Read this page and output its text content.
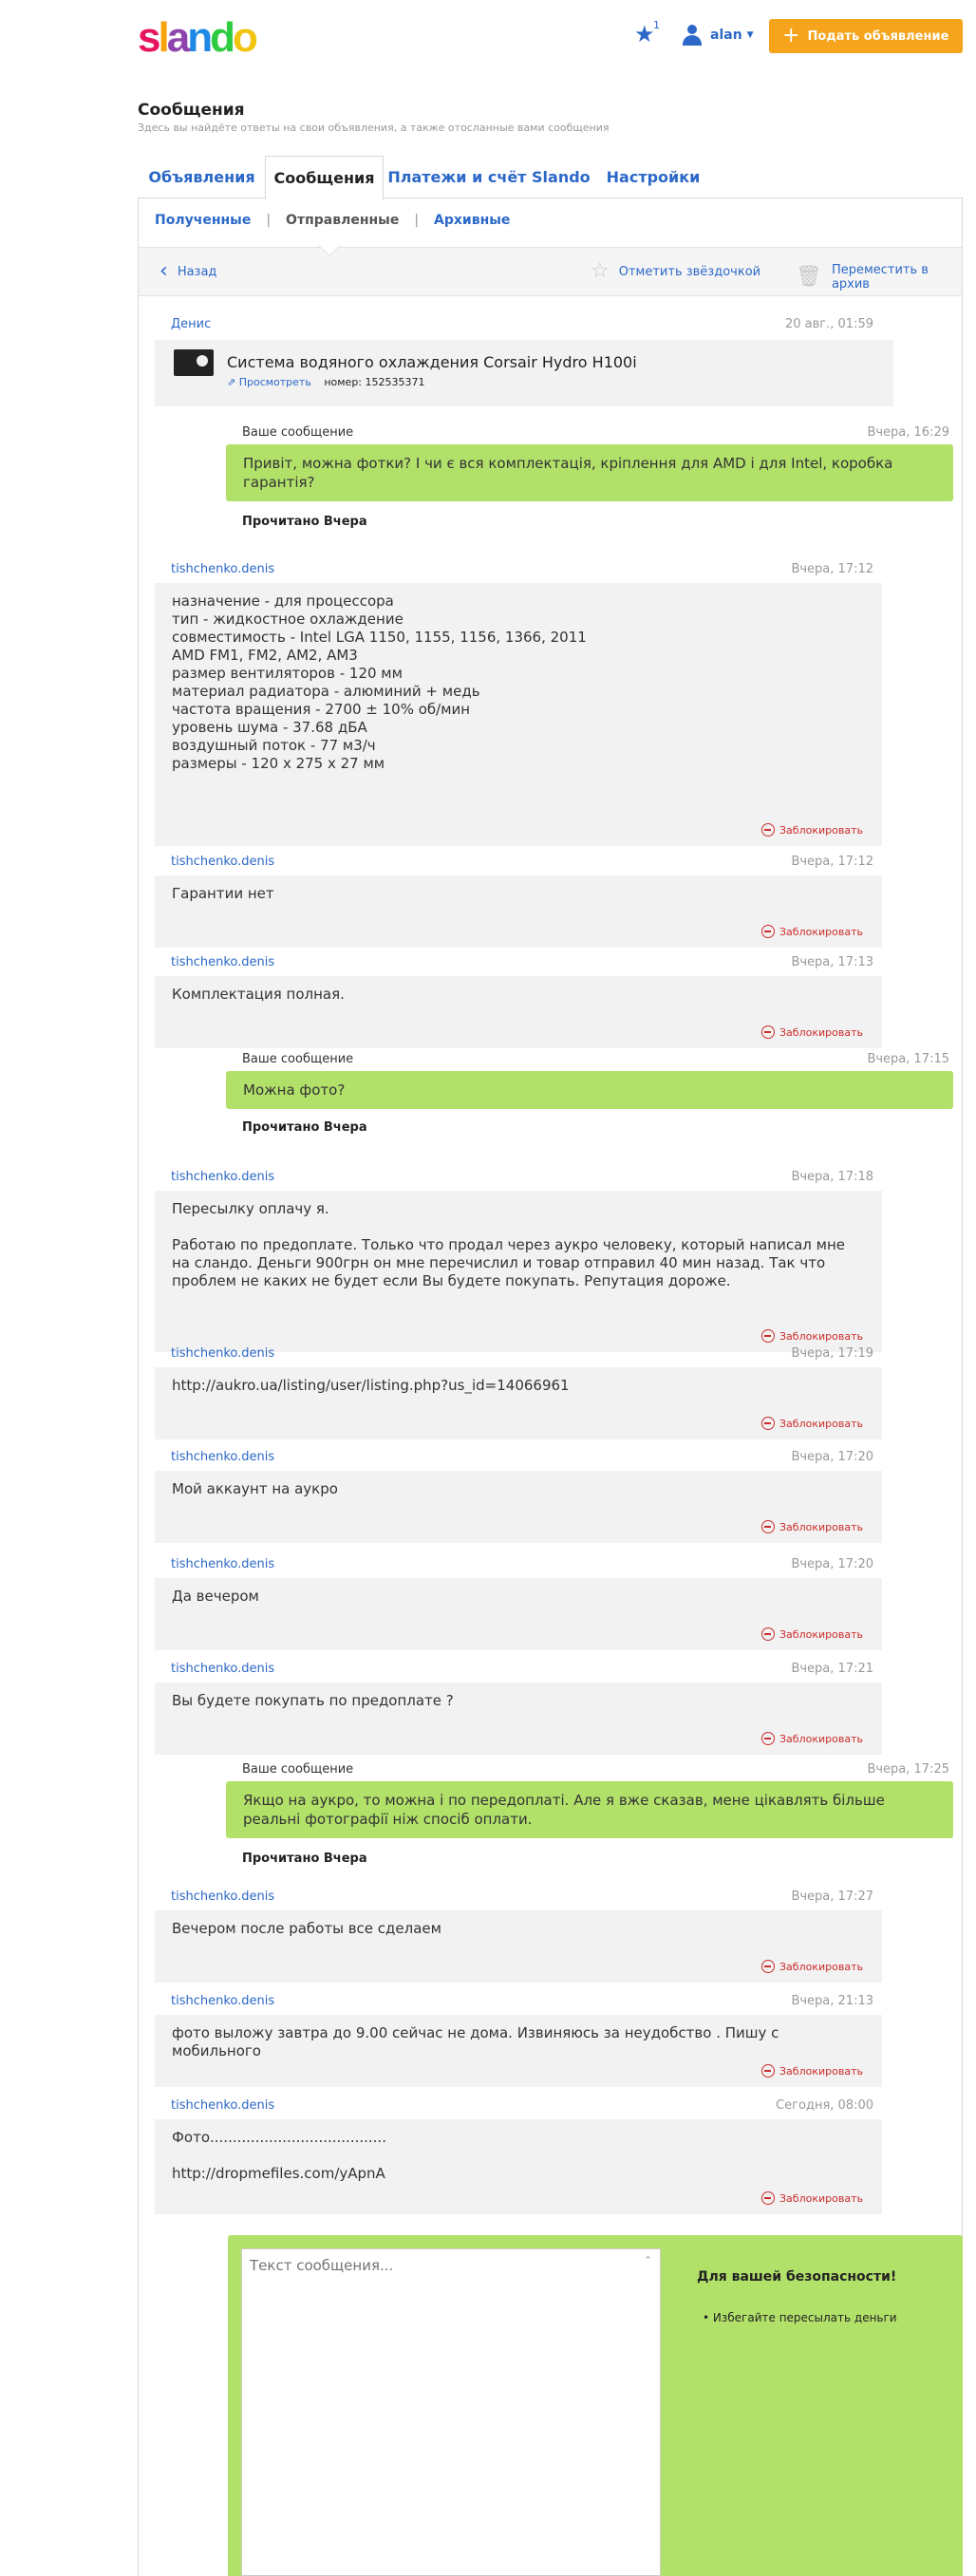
slando	★
1
alan ▼ + Подать объявление
Сообщения
Здесь вы найдёте ответы на свои объявления, а также отосланные вами сообщения
Объявления	Сообщения Платежи и счёт Slando	Настройки
Полученные | Отправленные | Архивные
‹ Назад	☆ Отметить звёздочкой 🗑 Переместить в архив
Денис	20 авг., 01:59
Система водяного охлаждения Corsair Hydro H100i
⇗ Просмотреть номер: 152535371
Ваше сообщение	Вчера, 16:29
Привіт, можна фотки? І чи є вся комплектація, кріплення для AMD і для Intel, коробка гарантія?
Прочитано Вчера
tishchenko.denis	Вчера, 17:12
назначение - для процессора
тип - жидкостное охлаждение
совместимость - Intel LGA 1150, 1155, 1156, 1366, 2011
AMD FM1, FM2, AM2, AM3
размер вентиляторов - 120 мм
материал радиатора - алюминий + медь
частота вращения - 2700 ± 10% об/мин
уровень шума - 37.68 дБА
воздушный поток - 77 м3/ч
размеры - 120 x 275 x 27 мм
Заблокировать
tishchenko.denis	Вчера, 17:12
Гарантии нет
Заблокировать
tishchenko.denis	Вчера, 17:13
Комплектация полная.
Заблокировать
Ваше сообщение	Вчера, 17:15
Можна фото?
Прочитано Вчера
tishchenko.denis	Вчера, 17:18
Пересылку оплачу я.

Работаю по предоплате. Только что продал через аукро человеку, который написал мне на сландо. Деньги 900грн он мне перечислил и товар отправил 40 мин назад. Так что проблем не каких не будет если Вы будете покупать. Репутация дороже.
Заблокировать
tishchenko.denis	Вчера, 17:19
http://aukro.ua/listing/user/listing.php?us_id=14066961
Заблокировать
tishchenko.denis	Вчера, 17:20
Мой аккаунт на аукро
Заблокировать
tishchenko.denis	Вчера, 17:20
Да вечером
Заблокировать
tishchenko.denis	Вчера, 17:21
Вы будете покупать по предоплате ?
Заблокировать
Ваше сообщение	Вчера, 17:25
Якщо на аукро, то можна і по передоплаті. Але я вже сказав, мене цікавлять більше реальні фотографії ніж спосіб оплати.
Прочитано Вчера
tishchenko.denis	Вчера, 17:27
Вечером после работы все сделаем
Заблокировать
tishchenko.denis	Вчера, 21:13
фото выложу завтра до 9.00 сейчас не дома. Извиняюсь за неудобство . Пишу с мобильного
Заблокировать
tishchenko.denis	Сегодня, 08:00
Фото.......................................

http://dropmefiles.com/yApnA
Заблокировать
Текст сообщения...
⌃
Для вашей безопасности!
• Избегайте пересылать деньги
